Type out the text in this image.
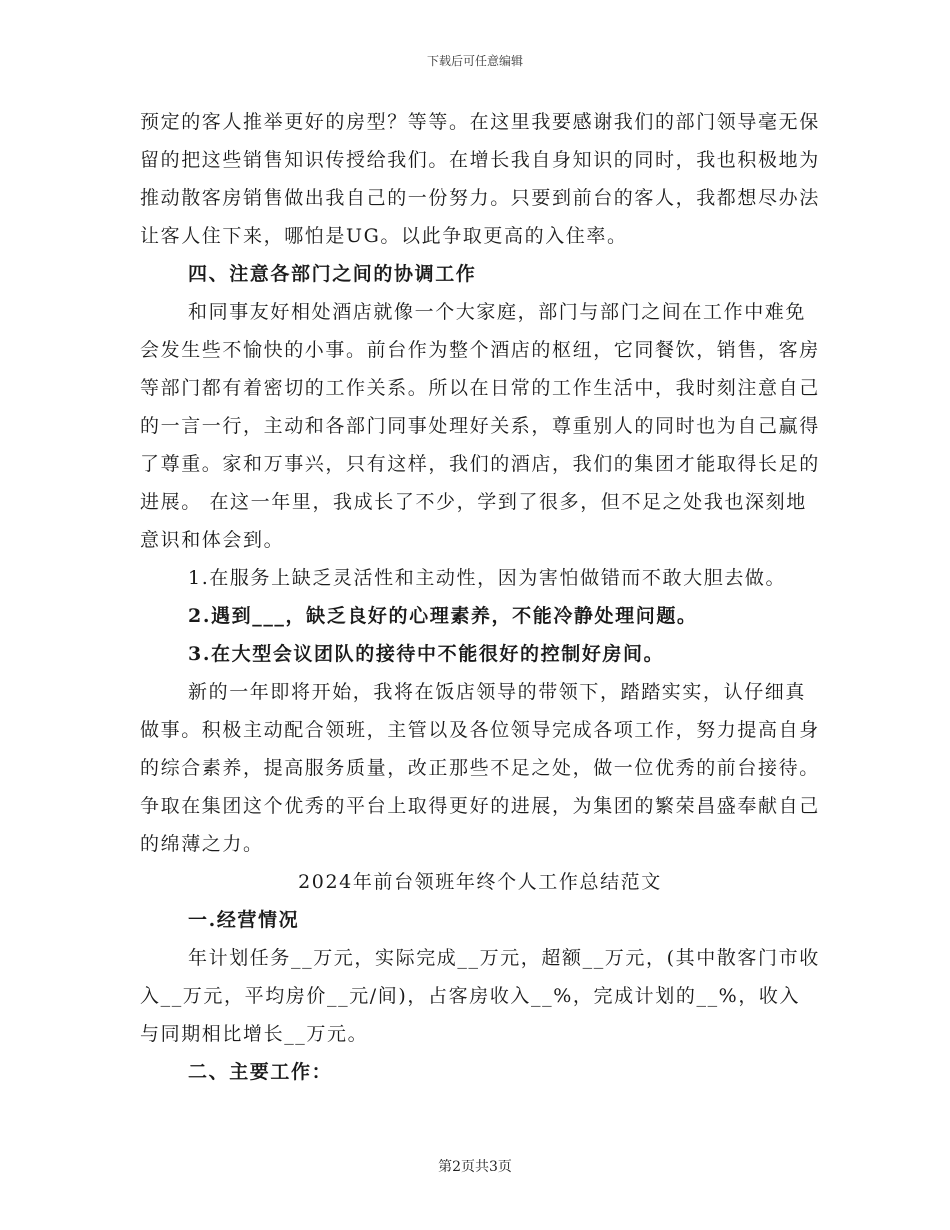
下载后可任意编辑

预定的客人推举更好的房型？等等。在这里我要感谢我们的部门领导毫无保留的把这些销售知识传授给我们。在增长我自身知识的同时，我也积极地为推动散客房销售做出我自己的一份努力。只要到前台的客人，我都想尽办法让客人住下来，哪怕是UG。以此争取更高的入住率。

四、注意各部门之间的协调工作

和同事友好相处酒店就像一个大家庭，部门与部门之间在工作中难免会发生些不愉快的小事。前台作为整个酒店的枢纽，它同餐饮，销售，客房等部门都有着密切的工作关系。所以在日常的工作生活中，我时刻注意自己的一言一行，主动和各部门同事处理好关系，尊重别人的同时也为自己赢得了尊重。家和万事兴，只有这样，我们的酒店，我们的集团才能取得长足的进展。 在这一年里，我成长了不少，学到了很多，但不足之处我也深刻地意识和体会到。

1.在服务上缺乏灵活性和主动性，因为害怕做错而不敢大胆去做。

2.遇到___，缺乏良好的心理素养，不能冷静处理问题。

3.在大型会议团队的接待中不能很好的控制好房间。

新的一年即将开始，我将在饭店领导的带领下，踏踏实实，认仔细真做事。积极主动配合领班，主管以及各位领导完成各项工作，努力提高自身的综合素养，提高服务质量，改正那些不足之处，做一位优秀的前台接待。争取在集团这个优秀的平台上取得更好的进展，为集团的繁荣昌盛奉献自己的绵薄之力。

2024年前台领班年终个人工作总结范文

一.经营情况

年计划任务__万元，实际完成__万元，超额__万元，(其中散客门市收入__万元，平均房价__元/间)，占客房收入__%，完成计划的__%，收入与同期相比增长__万元。

二、主要工作：

第2页共3页
